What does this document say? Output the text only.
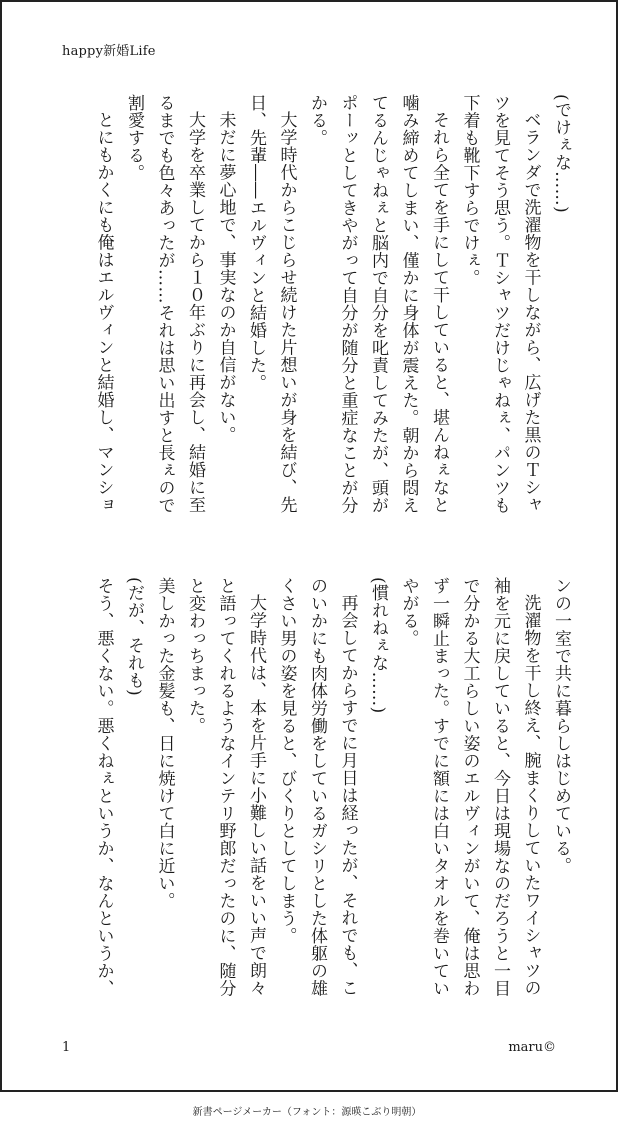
happy新婚Life

(でけぇな……)

ベランダで洗濯物を干しながら、広げた黒のＴシャツを見てそう思う。Ｔシャツだけじゃねぇ、パンツも下着も靴下すらでけぇ。

それら全てを手にして干していると、堪んねぇなと噛み締めてしまい、僅かに身体が震えた。朝から悶えてるんじゃねぇと脳内で自分を叱責してみたが、頭がポーッとしてきやがって自分が随分と重症なことが分かる。

大学時代からこじらせ続けた片想いが身を結び、先日、先輩――エルヴィンと結婚した。

未だに夢心地で、事実なのか自信がない。

大学を卒業してから１０年ぶりに再会し、結婚に至るまでも色々あったが……それは思い出すと長ぇので割愛する。

とにもかくにも俺はエルヴィンと結婚し、マンショ

ンの一室で共に暮らしはじめている。

洗濯物を干し終え、腕まくりしていたワイシャツの袖を元に戻していると、今日は現場なのだろうと一目で分かる大工らしい姿のエルヴィンがいて、俺は思わず一瞬止まった。すでに額には白いタオルを巻いていやがる。

(慣れねぇな……)

再会してからすでに月日は経ったが、それでも、このいかにも肉体労働をしているガシリとした体躯の雄くさい男の姿を見ると、びくりとしてしまう。

大学時代は、本を片手に小難しい話をいい声で朗々と語ってくれるようなインテリ野郎だったのに、随分と変わっちまった。

美しかった金髪も、日に焼けて白に近い。

(だが、それも)

そう、悪くない。悪くねぇというか、なんというか、

1	maru©
新書ページメーカー（フォント：源暎こぶり明朝）
